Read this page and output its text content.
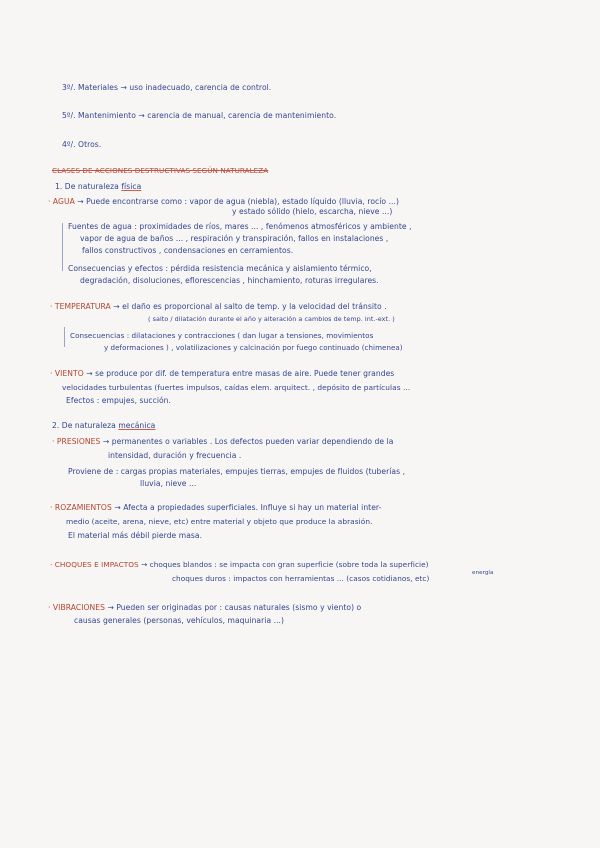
3º/. Materiales → uso inadecuado, carencia de control.

5º/. Mantenimiento → carencia de manual, carencia de mantenimiento.

4º/. Otros.

CLASES DE ACCIONES DESTRUCTIVAS SEGÚN NATURALEZA

1. De naturaleza física

· AGUA → Puede encontrarse como : vapor de agua (niebla), estado líquido (lluvia, rocío ...)

y estado sólido (hielo, escarcha, nieve ...)

Fuentes de agua : proximidades de ríos, mares ... , fenómenos atmosféricos y ambiente ,

vapor de agua de baños ... , respiración y transpiración, fallos en instalaciones ,

fallos constructivos , condensaciones en cerramientos.

Consecuencias y efectos : pérdida resistencia mecánica y aislamiento térmico,

degradación, disoluciones, eflorescencias , hinchamiento, roturas irregulares.

· TEMPERATURA → el daño es proporcional al salto de temp. y la velocidad del tránsito .

( salto / dilatación durante el año y alteración a cambios de temp. int.-ext. )

Consecuencias : dilataciones y contracciones ( dan lugar a tensiones, movimientos

y deformaciones ) , volatilizaciones y calcinación por fuego continuado (chimenea)

· VIENTO → se produce por dif. de temperatura entre masas de aire. Puede tener grandes

velocidades turbulentas (fuertes impulsos, caídas elem. arquitect. , depósito de partículas ...

Efectos : empujes, succión.

2. De naturaleza mecánica

· PRESIONES → permanentes o variables . Los defectos pueden variar dependiendo de la

intensidad, duración y frecuencia .

Proviene de : cargas propias materiales, empujes tierras, empujes de fluidos (tuberías ,

lluvia, nieve ...

· ROZAMIENTOS → Afecta a propiedades superficiales. Influye si hay un material inter-

medio (aceite, arena, nieve, etc) entre material y objeto que produce la abrasión.

El material más débil pierde masa.

· CHOQUES E IMPACTOS → choques blandos : se impacta con gran superficie (sobre toda la superficie)

energía

choques duros : impactos con herramientas ... (casos cotidianos, etc)

· VIBRACIONES → Pueden ser originadas por : causas naturales (sismo y viento) o

causas generales (personas, vehículos, maquinaria ...)
